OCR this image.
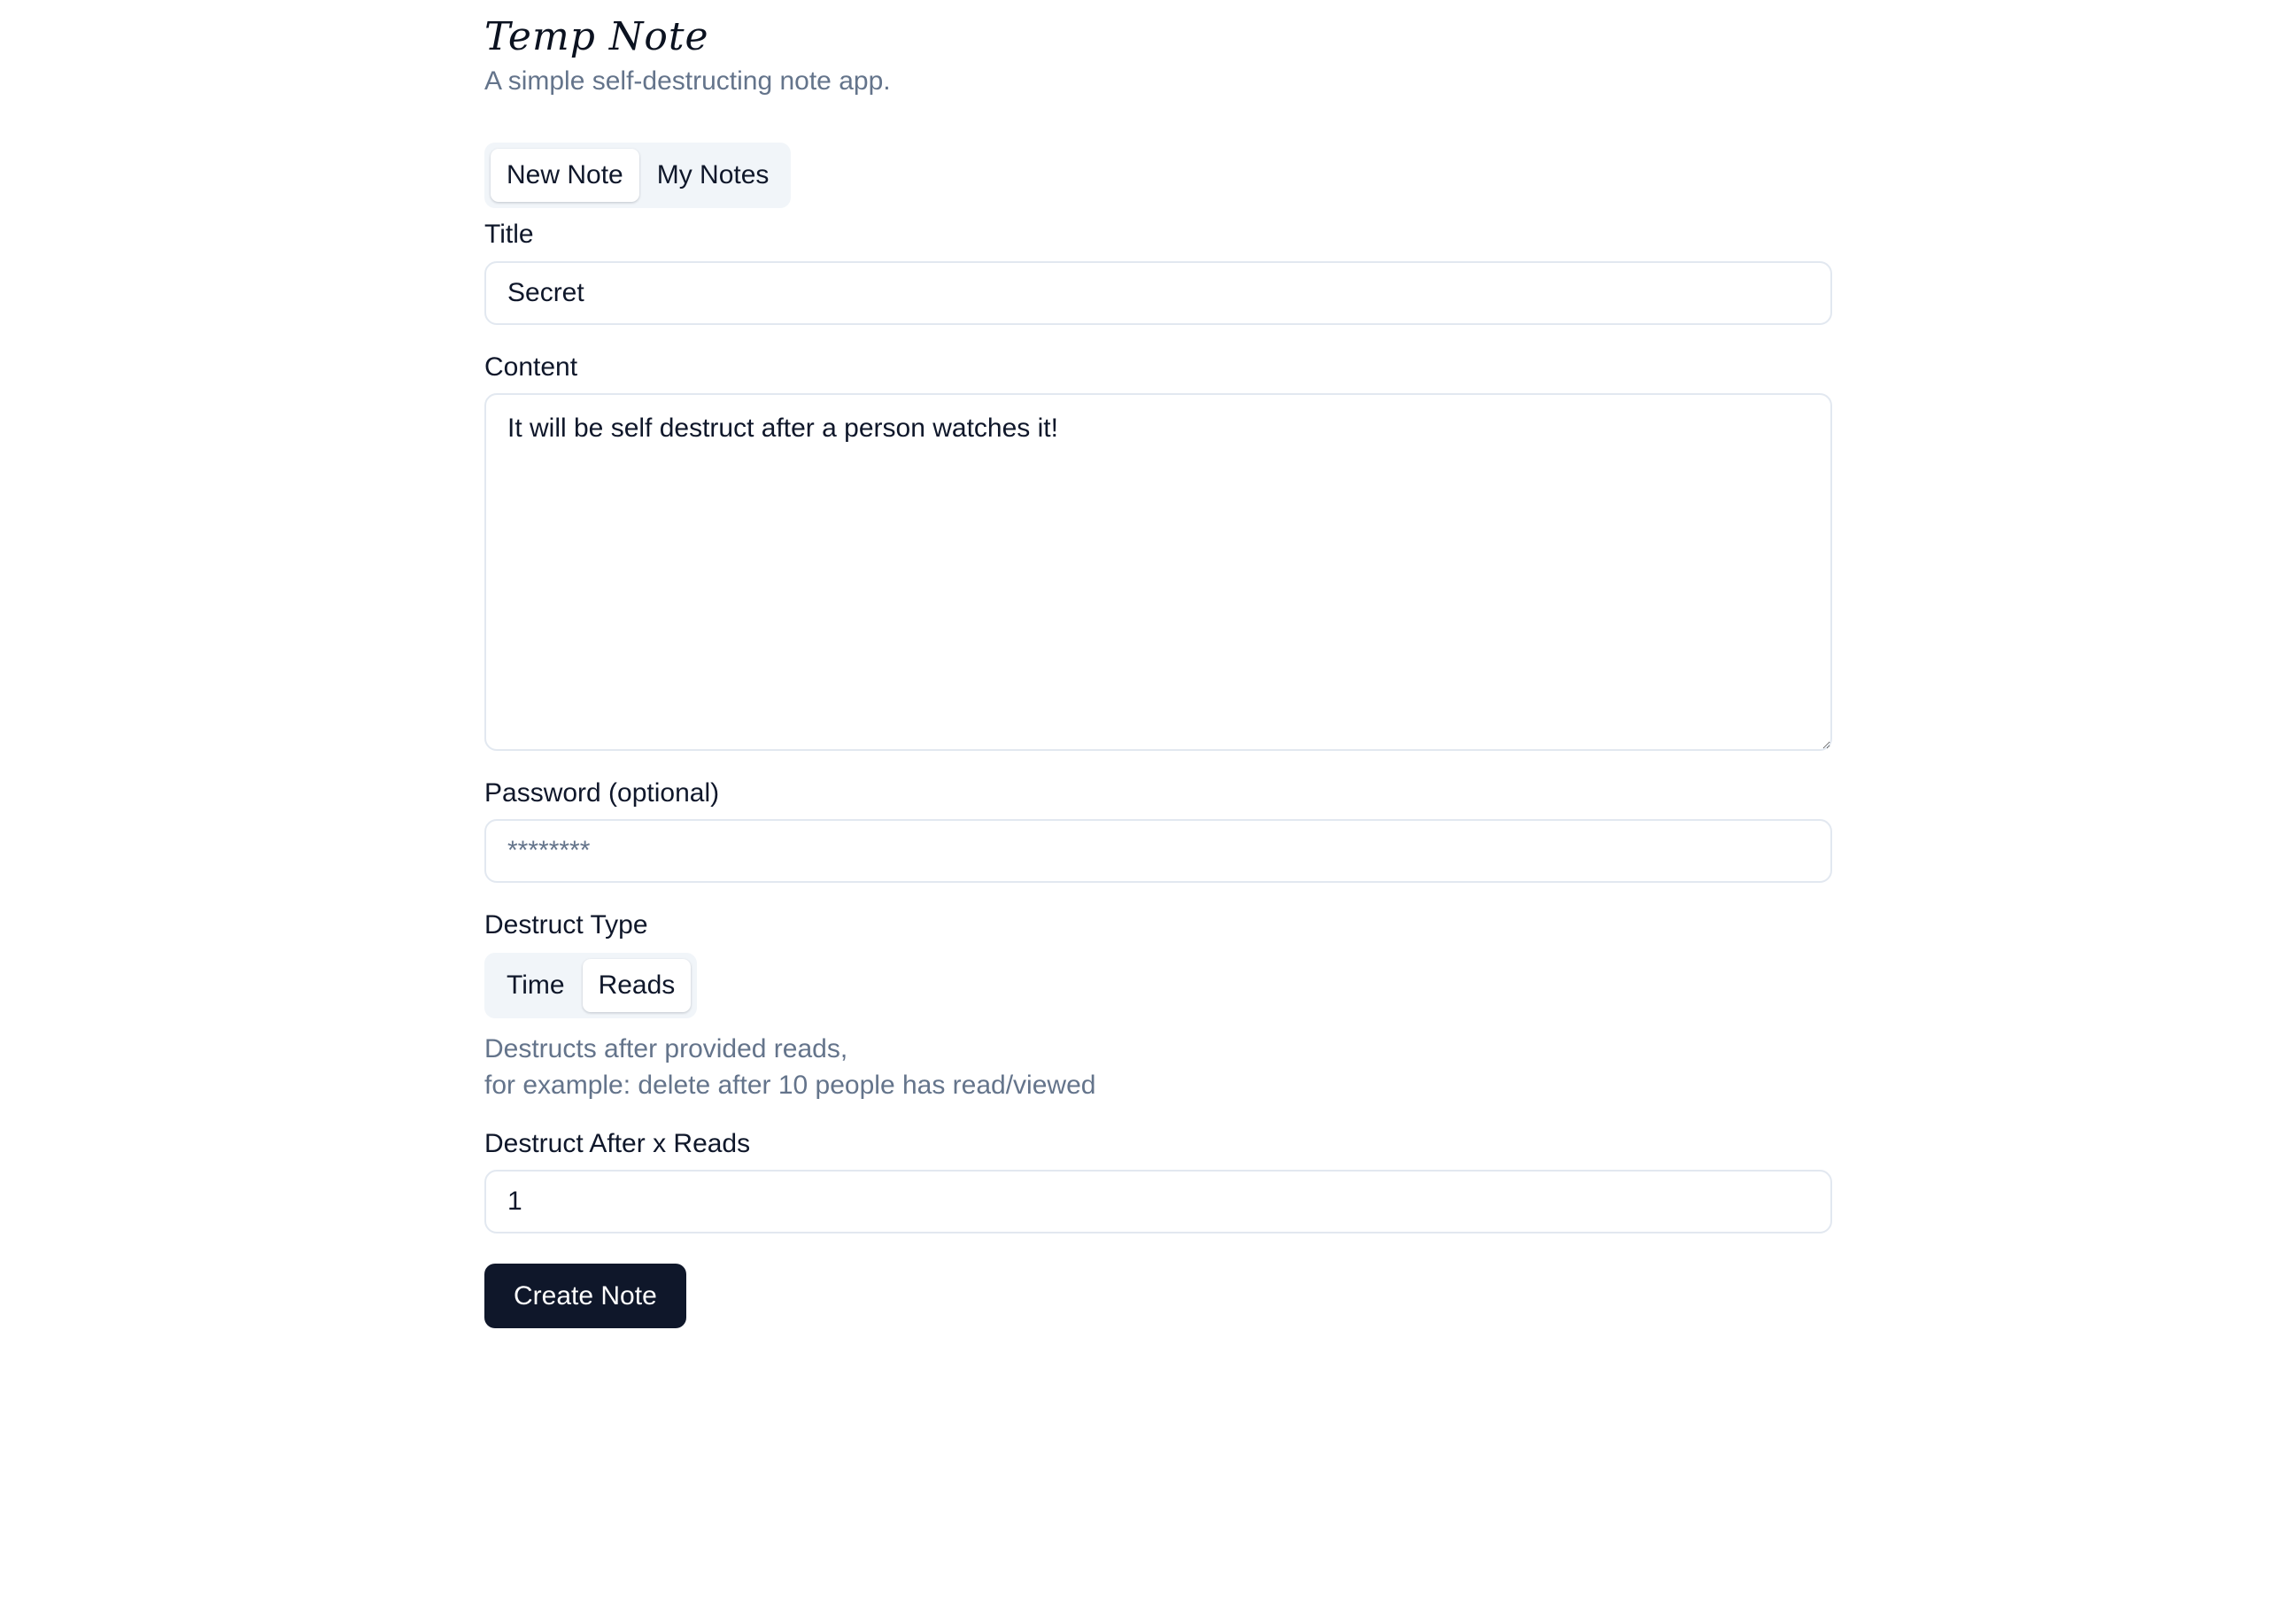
Temp Note

A simple self-destructing note app.

New Note	My Notes
Title
Secret
Content
It will be self destruct after a person watches it!
Password (optional)
Destruct Type
Time	Reads

Destructs after provided reads,
for example: delete after 10 people has read/viewed

Destruct After x Reads
1
Create Note
